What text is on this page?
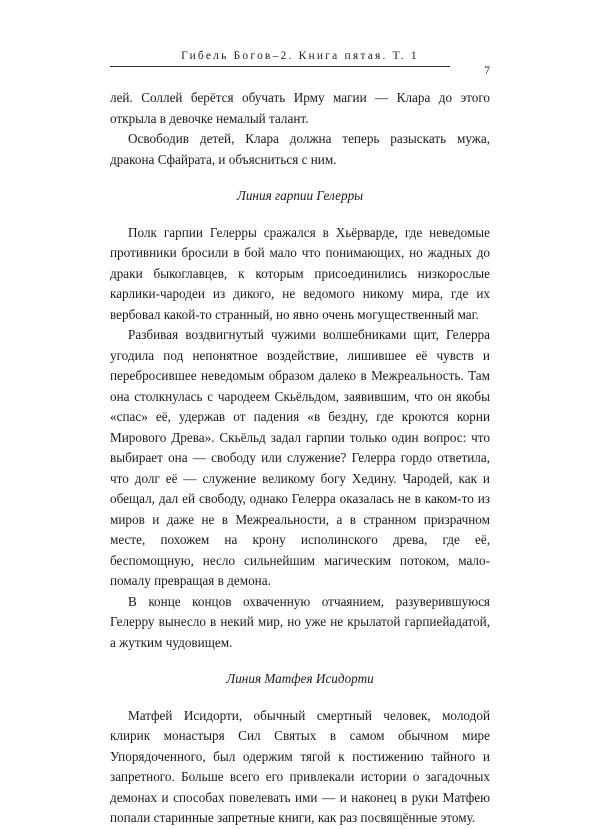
Гибель Богов–2. Книга пятая. Т. 1
7

лей. Соллей берётся обучать Ирму магии — Клара до этого открыла в девочке немалый талант.

Освободив детей, Клара должна теперь разыскать мужа, дракона Сфайрата, и объясниться с ним.

Линия гарпии Гелерры

Полк гарпии Гелерры сражался в Хьёрварде, где неведомые противники бросили в бой мало что понимающих, но жадных до драки быкоглавцев, к которым присоединились низкорослые карлики-чародеи из дикого, не ведомого никому мира, где их вербовал какой-то странный, но явно очень могущественный маг.

Разбивая воздвигнутый чужими волшебниками щит, Гелерра угодила под непонятное воздействие, лишившее её чувств и перебросившее неведомым образом далеко в Межреальность. Там она столкнулась с чародеем Скьёльдом, заявившим, что он якобы «спас» её, удержав от падения «в бездну, где кроются корни Мирового Древа». Скьёльд задал гарпии только один вопрос: что выбирает она — свободу или служение? Гелерра гордо ответила, что долг её — служение великому богу Хедину. Чародей, как и обещал, дал ей свободу, однако Гелерра оказалась не в каком-то из миров и даже не в Межреальности, а в странном призрачном месте, похожем на крону исполинского древа, где её, беспомощную, несло сильнейшим магическим потоком, мало-помалу превращая в демона.

В конце концов охваченную отчаянием, разуверившуюся Гелерру вынесло в некий мир, но уже не крылатой гарпиейадатой, а жутким чудовищем.

Линия Матфея Исидорти

Матфей Исидорти, обычный смертный человек, молодой клирик монастыря Сил Святых в самом обычном мире Упорядоченного, был одержим тягой к постижению тайного и запретного. Больше всего его привлекали истории о загадочных демонах и способах повелевать ими — и наконец в руки Матфею попали старинные запретные книги, как раз посвящённые этому.
